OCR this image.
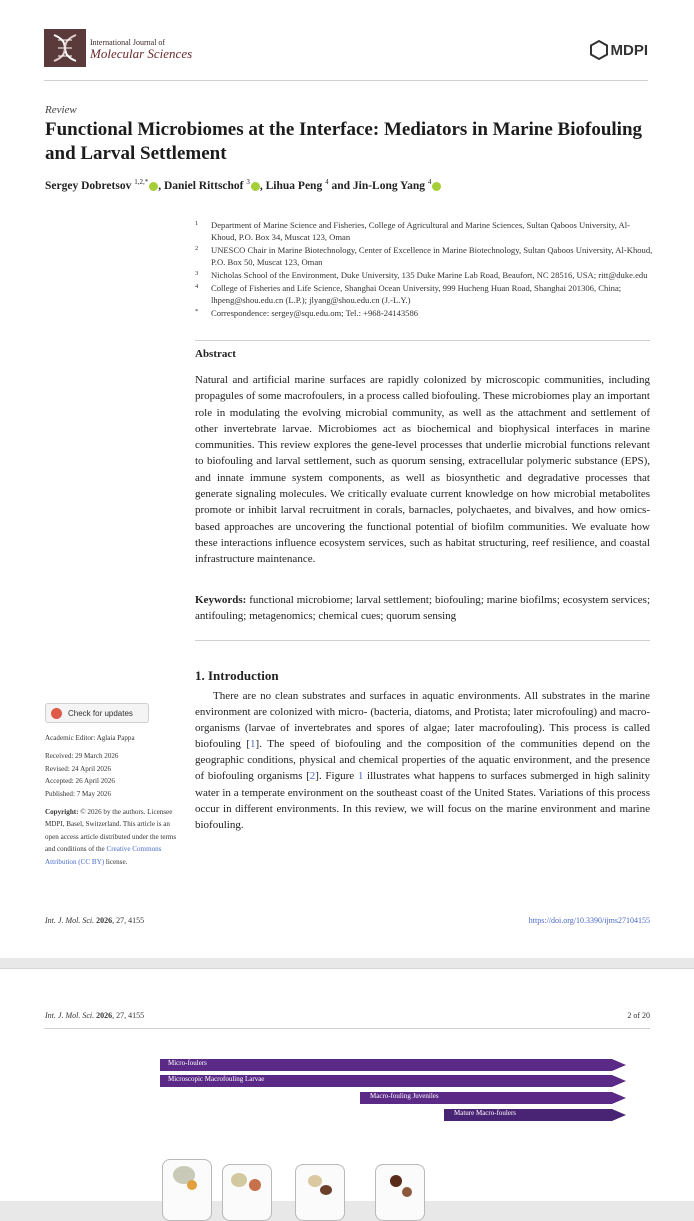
International Journal of
Molecular Sciences	MDPI
Review
Functional Microbiomes at the Interface: Mediators in Marine Biofouling and Larval Settlement
Sergey Dobretsov $^{1,2,*}$ , Daniel Rittschof $^3$ , Lihua Peng $^4$ and Jin-Long Yang $^4$
1 Department of Marine Science and Fisheries, College of Agricultural and Marine Sciences, Sultan Qaboos University, Al-Khoud, P.O. Box 34, Muscat 123, Oman
2 UNESCO Chair in Marine Biotechnology, Center of Excellence in Marine Biotechnology, Sultan Qaboos University, Al-Khoud, P.O. Box 50, Muscat 123, Oman
3 Nicholas School of the Environment, Duke University, 135 Duke Marine Lab Road, Beaufort, NC 28516, USA; ritt@duke.edu
4 College of Fisheries and Life Science, Shanghai Ocean University, 999 Hucheng Huan Road, Shanghai 201306, China; lhpeng@shou.edu.cn (L.P.); jlyang@shou.edu.cn (J.-L.Y.)
* Correspondence: sergey@squ.edu.om; Tel.: +968-24143586
Abstract
Natural and artificial marine surfaces are rapidly colonized by microscopic communities, including propagules of some macrofoulers, in a process called biofouling. These microbiomes play an important role in modulating the evolving microbial community, as well as the attachment and settlement of other invertebrate larvae. Microbiomes act as biochemical and biophysical interfaces in marine communities. This review explores the gene-level processes that underlie microbial functions relevant to biofouling and larval settlement, such as quorum sensing, extracellular polymeric substance (EPS), and innate immune system components, as well as biosynthetic and degradative processes that generate signaling molecules. We critically evaluate current knowledge on how microbial metabolites promote or inhibit larval recruitment in corals, barnacles, polychaetes, and bivalves, and how omics-based approaches are uncovering the functional potential of biofilm communities. We evaluate how these interactions influence ecosystem services, such as habitat structuring, reef resilience, and coastal infrastructure maintenance.
Keywords: functional microbiome; larval settlement; biofouling; marine biofilms; ecosystem services; antifouling; metagenomics; chemical cues; quorum sensing
1. Introduction
There are no clean substrates and surfaces in aquatic environments. All substrates in the marine environment are colonized with micro- (bacteria, diatoms, and Protista; later microfouling) and macro-organisms (larvae of invertebrates and spores of algae; later macrofouling). This process is called biofouling [1]. The speed of biofouling and the composition of the communities depend on the geographic conditions, physical and chemical properties of the aquatic environment, and the presence of biofouling organisms [2]. Figure 1 illustrates what happens to surfaces submerged in high salinity water in a temperate environment on the southeast coast of the United States. Variations of this process occur in different environments. In this review, we will focus on the marine environment and marine biofouling.
Check for updates
Academic Editor: Aglaia Pappa
Received: 29 March 2026
Revised: 24 April 2026
Accepted: 26 April 2026
Published: 7 May 2026
Copyright: © 2026 by the authors. Licensee MDPI, Basel, Switzerland. This article is an open access article distributed under the terms and conditions of the Creative Commons Attribution (CC BY) license.
Int. J. Mol. Sci. 2026, 27, 4155	https://doi.org/10.3390/ijms27104155
Int. J. Mol. Sci. 2026, 27, 4155	2 of 20
Micro-foulers
Microscopic Macrofouling Larvae
Macro-fouling Juveniles
Mature Macro-foulers
